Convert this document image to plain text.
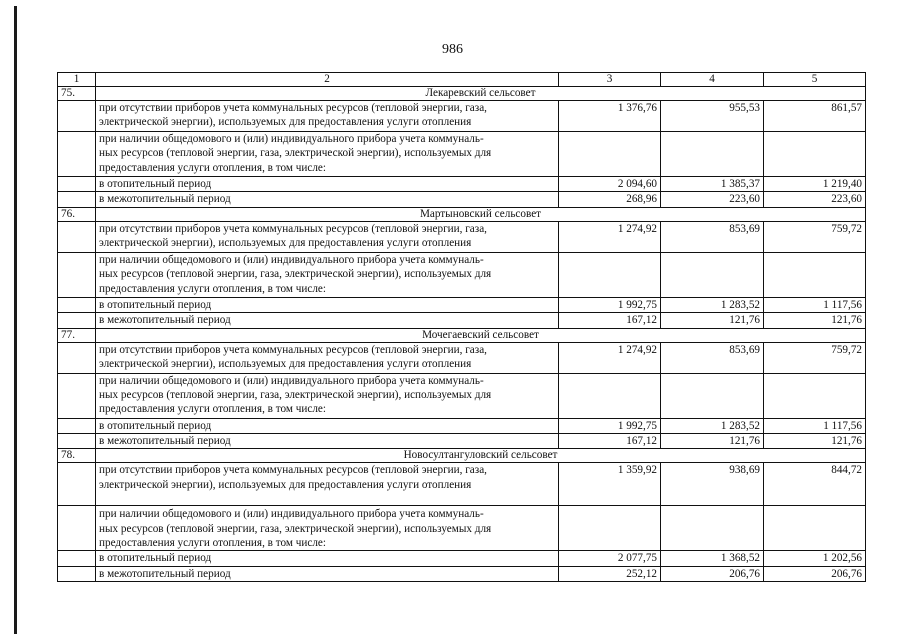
986
1	2	3	4	5
75.	Лекаревский сельсовет			

	при отсутствии приборов учета коммунальных ресурсов (тепловой энергии, газа,
электрической энергии), используемых для предоставления услуги отопления	1 376,76	955,53	861,57

	при наличии общедомового и (или) индивидуального прибора учета коммуналь-
ных ресурсов (тепловой энергии, газа, электрической энергии), используемых для
предоставления услуги отопления, в том числе:			

	в отопительный период	2 094,60	1 385,37	1 219,40

	в межотопительный период	268,96	223,60	223,60
76.	Мартыновский сельсовет			

	при отсутствии приборов учета коммунальных ресурсов (тепловой энергии, газа,
электрической энергии), используемых для предоставления услуги отопления	1 274,92	853,69	759,72

	при наличии общедомового и (или) индивидуального прибора учета коммуналь-
ных ресурсов (тепловой энергии, газа, электрической энергии), используемых для
предоставления услуги отопления, в том числе:			

	в отопительный период	1 992,75	1 283,52	1 117,56

	в межотопительный период	167,12	121,76	121,76
77.	Мочегаевский сельсовет			

	при отсутствии приборов учета коммунальных ресурсов (тепловой энергии, газа,
электрической энергии), используемых для предоставления услуги отопления	1 274,92	853,69	759,72

	при наличии общедомового и (или) индивидуального прибора учета коммуналь-
ных ресурсов (тепловой энергии, газа, электрической энергии), используемых для
предоставления услуги отопления, в том числе:			

	в отопительный период	1 992,75	1 283,52	1 117,56

	в межотопительный период	167,12	121,76	121,76
78.	Новосултангуловский сельсовет			

	при отсутствии приборов учета коммунальных ресурсов (тепловой энергии, газа,
электрической энергии), используемых для предоставления услуги отопления	1 359,92	938,69	844,72

	при наличии общедомового и (или) индивидуального прибора учета коммуналь-
ных ресурсов (тепловой энергии, газа, электрической энергии), используемых для
предоставления услуги отопления, в том числе:			

	в отопительный период	2 077,75	1 368,52	1 202,56

	в межотопительный период	252,12	206,76	206,76
